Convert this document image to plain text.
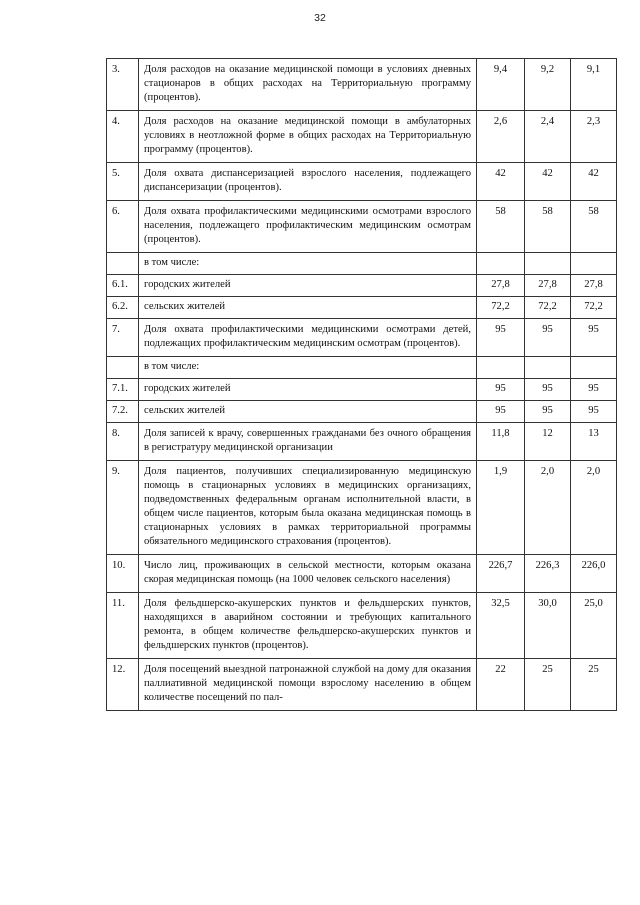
32
3.	Доля расходов на оказание медицинской помощи в условиях дневных стационаров в общих расходах на Территориальную программу (процентов).	9,4	9,2	9,1
4.	Доля расходов на оказание медицинской помощи в амбулаторных условиях в неотложной форме в общих расходах на Территориальную программу (процентов).	2,6	2,4	2,3
5.	Доля охвата диспансеризацией взрослого населения, подлежащего диспансеризации (процентов).	42	42	42
6.	Доля охвата профилактическими медицинскими осмотрами взрослого населения, подлежащего профилактическим медицинским осмотрам (процентов).	58	58	58
	в том числе:			
6.1.	городских жителей	27,8	27,8	27,8
6.2.	сельских жителей	72,2	72,2	72,2
7.	Доля охвата профилактическими медицинскими осмотрами детей, подлежащих профилактическим медицинским осмотрам (процентов).	95	95	95
	в том числе:			
7.1.	городских жителей	95	95	95
7.2.	сельских жителей	95	95	95
8.	Доля записей к врачу, совершенных гражданами без очного обращения в регистратуру медицинской организации	11,8	12	13
9.	Доля пациентов, получивших специализированную медицинскую помощь в стационарных условиях в медицинских организациях, подведомственных федеральным органам исполнительной власти, в общем числе пациентов, которым была оказана медицинская помощь в стационарных условиях в рамках территориальной программы обязательного медицинского страхования (процентов).	1,9	2,0	2,0
10.	Число лиц, проживающих в сельской местности, которым оказана скорая медицинская помощь (на 1000 человек сельского населения)	226,7	226,3	226,0
11.	Доля фельдшерско-акушерских пунктов и фельдшерских пунктов, находящихся в аварийном состоянии и требующих капитального ремонта, в общем количестве фельдшерско-акушерских пунктов и фельдшерских пунктов (процентов).	32,5	30,0	25,0
12.	Доля посещений выездной патронажной службой на дому для оказания паллиативной медицинской помощи взрослому населению в общем количестве посещений по пал-	22	25	25
